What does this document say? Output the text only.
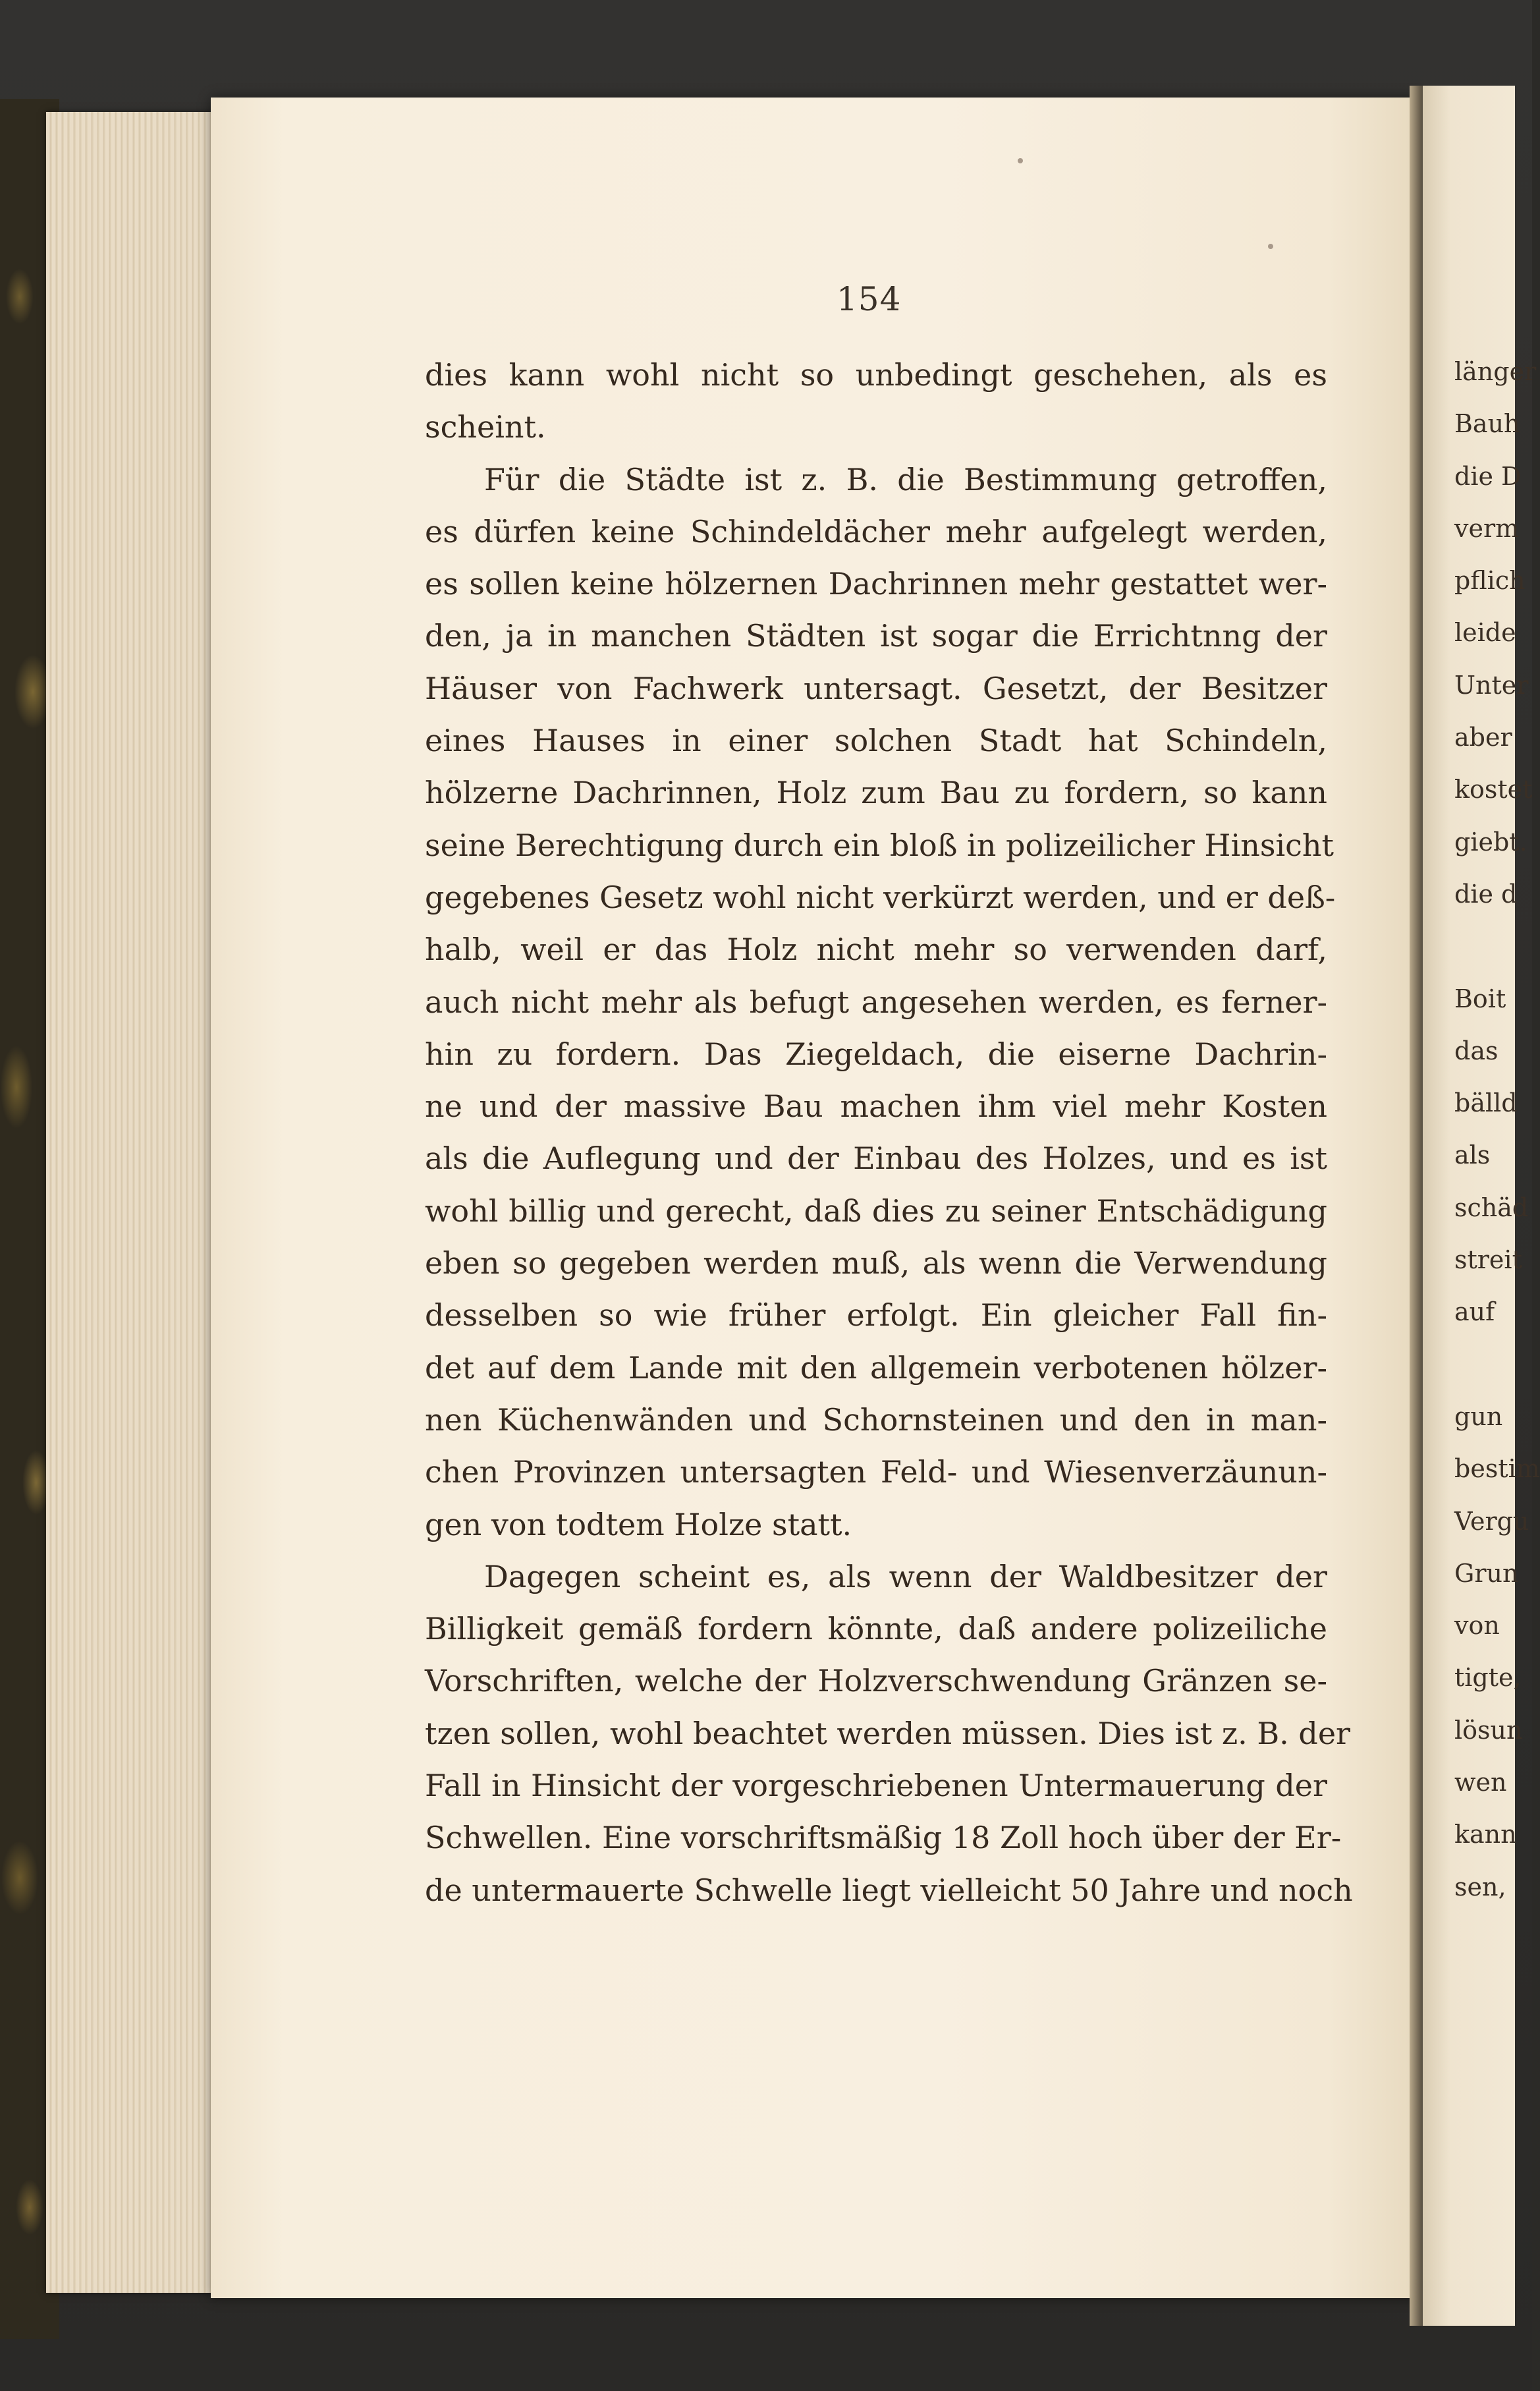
154
dies kann wohl nicht so unbedingt geschehen, als es
scheint.
Für die Städte ist z. B. die Bestimmung getroffen,
es dürfen keine Schindeldächer mehr aufgelegt werden,
es sollen keine hölzernen Dachrinnen mehr gestattet wer-
den, ja in manchen Städten ist sogar die Errichtnng der
Häuser von Fachwerk untersagt. Gesetzt, der Besitzer
eines Hauses in einer solchen Stadt hat Schindeln,
hölzerne Dachrinnen, Holz zum Bau zu fordern, so kann
seine Berechtigung durch ein bloß in polizeilicher Hinsicht
gegebenes Gesetz wohl nicht verkürzt werden, und er deß-
halb, weil er das Holz nicht mehr so verwenden darf,
auch nicht mehr als befugt angesehen werden, es ferner-
hin zu fordern. Das Ziegeldach, die eiserne Dachrin-
ne und der massive Bau machen ihm viel mehr Kosten
als die Auflegung und der Einbau des Holzes, und es ist
wohl billig und gerecht, daß dies zu seiner Entschädigung
eben so gegeben werden muß, als wenn die Verwendung
desselben so wie früher erfolgt. Ein gleicher Fall fin-
det auf dem Lande mit den allgemein verbotenen hölzer-
nen Küchenwänden und Schornsteinen und den in man-
chen Provinzen untersagten Feld- und Wiesenverzäunun-
gen von todtem Holze statt.
Dagegen scheint es, als wenn der Waldbesitzer der
Billigkeit gemäß fordern könnte, daß andere polizeiliche
Vorschriften, welche der Holzverschwendung Gränzen se-
tzen sollen, wohl beachtet werden müssen. Dies ist z. B. der
Fall in Hinsicht der vorgeschriebenen Untermauerung der
Schwellen. Eine vorschriftsmäßig 18 Zoll hoch über der Er-
de untermauerte Schwelle liegt vielleicht 50 Jahre und noch
länger
Bauh
die D
verm
pflich
leide
Unter
aber
kostet
giebt.
die d
Boit
das
bälld
als
schäd
streit
auf
gun
bestim
Vergu
Grun
von
tigte,
lösun
wen
kann
sen,
